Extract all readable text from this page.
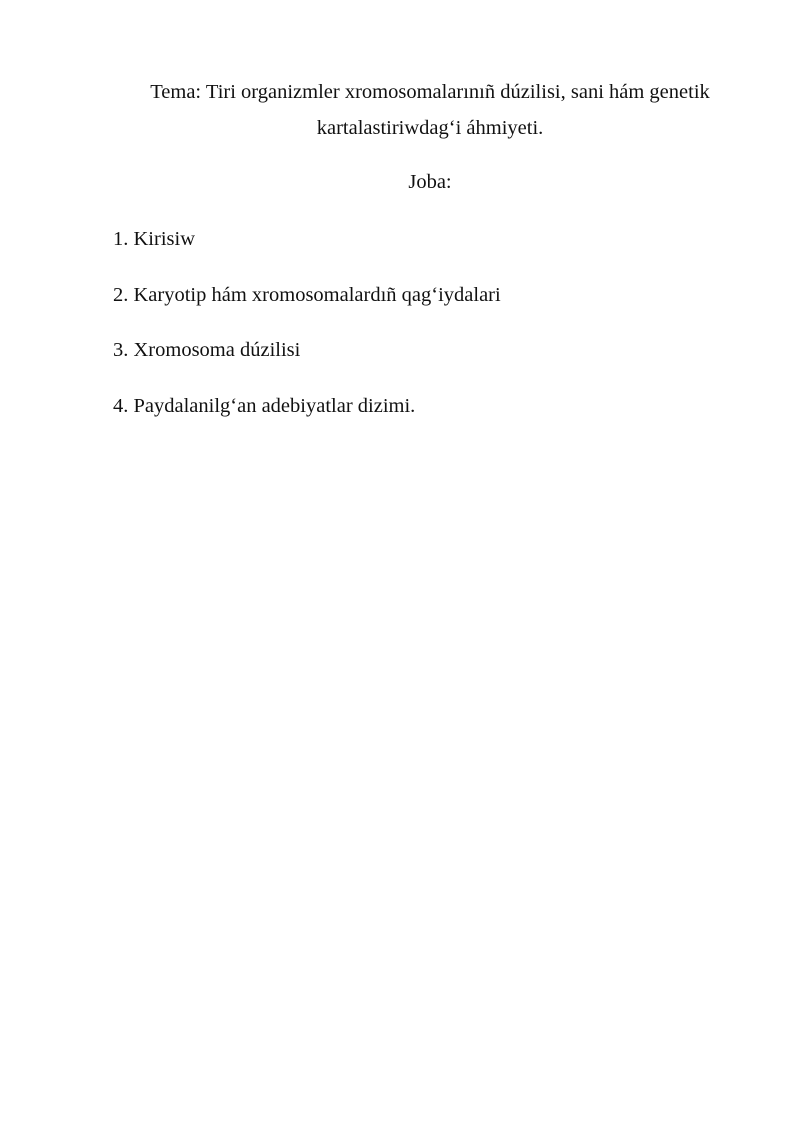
Tema: Tiri organizmler xromosomalarınıñ dúzilisi, sani hám genetik
kartalastiriwdag‘i áhmiyeti.

Joba:

1. Kirisiw
2. Karyotip hám xromosomalardıñ qag‘iydalari
3. Xromosoma dúzilisi
4. Paydalanilg‘an adebiyatlar dizimi.
